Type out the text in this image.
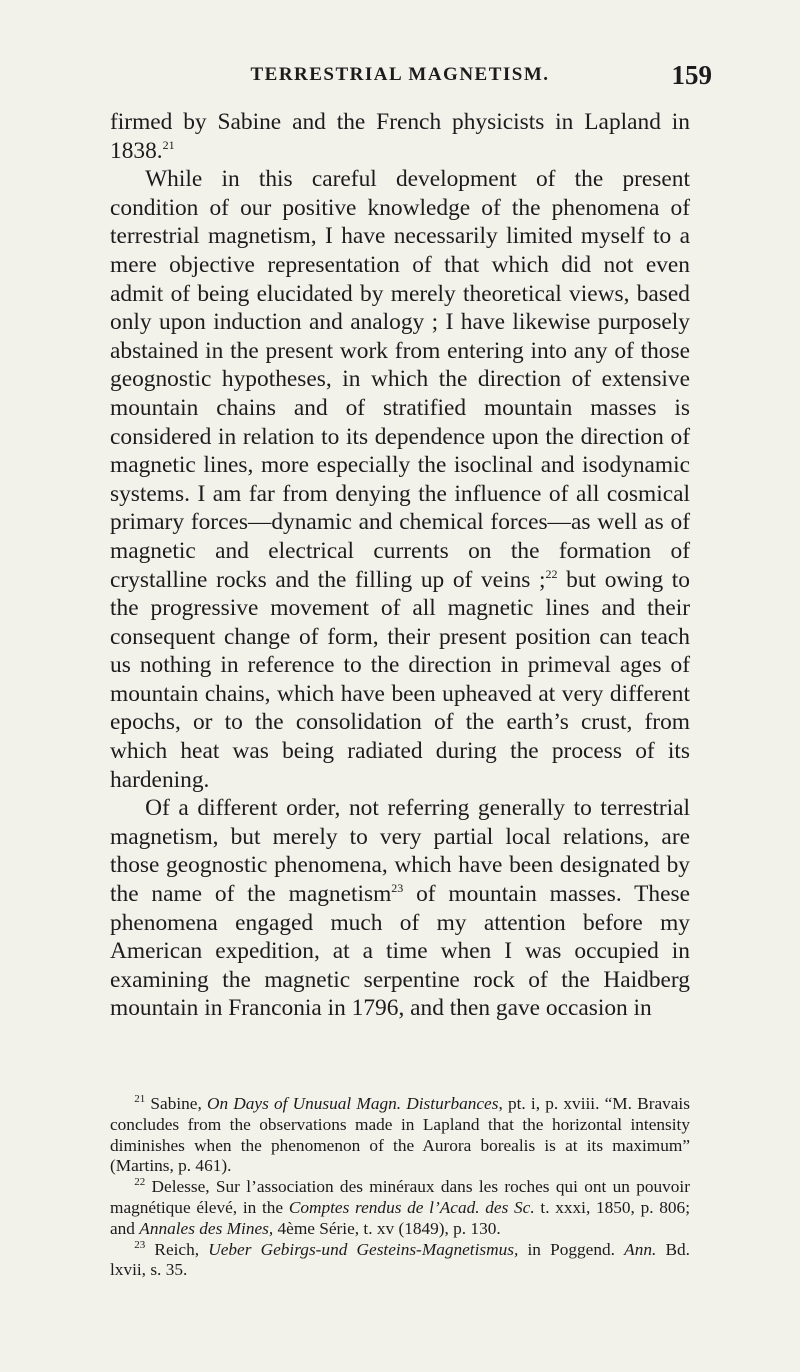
TERRESTRIAL MAGNETISM.	159

firmed by Sabine and the French physicists in Lapland in 1838.21

While in this careful development of the present condition of our positive knowledge of the phenomena of terrestrial magnetism, I have necessarily limited myself to a mere objective representation of that which did not even admit of being elucidated by merely theoretical views, based only upon induction and analogy ; I have likewise purposely abstained in the present work from entering into any of those geognostic hypotheses, in which the direction of extensive mountain chains and of stratified mountain masses is considered in relation to its dependence upon the direction of magnetic lines, more especially the isoclinal and isodynamic systems. I am far from denying the influence of all cosmical primary forces—dynamic and chemical forces—as well as of magnetic and electrical currents on the formation of crystalline rocks and the filling up of veins ;$^{22}$ but owing to the progressive movement of all magnetic lines and their consequent change of form, their present position can teach us nothing in reference to the direction in primeval ages of mountain chains, which have been upheaved at very different epochs, or to the consolidation of the earth’s crust, from which heat was being radiated during the process of its hardening.

Of a different order, not referring generally to terrestrial magnetism, but merely to very partial local relations, are those geognostic phenomena, which have been designated by the name of the magnetism$^{23}$ of mountain masses. These phenomena engaged much of my attention before my American expedition, at a time when I was occupied in examining the magnetic serpentine rock of the Haidberg mountain in Franconia in 1796, and then gave occasion in

$^{21}$ Sabine, On Days of Unusual Magn. Disturbances, pt. i, p. xviii. “M. Bravais concludes from the observations made in Lapland that the horizontal intensity diminishes when the phenomenon of the Aurora borealis is at its maximum” (Martins, p. 461).

$^{22}$ Delesse, Sur l’association des minéraux dans les roches qui ont un pouvoir magnétique élevé, in the Comptes rendus de l’Acad. des Sc. t. xxxi, 1850, p. 806; and Annales des Mines, 4ème Série, t. xv (1849), p. 130.

$^{23}$ Reich, Ueber Gebirgs-und Gesteins-Magnetismus, in Poggend. Ann. Bd. lxvii, s. 35.
